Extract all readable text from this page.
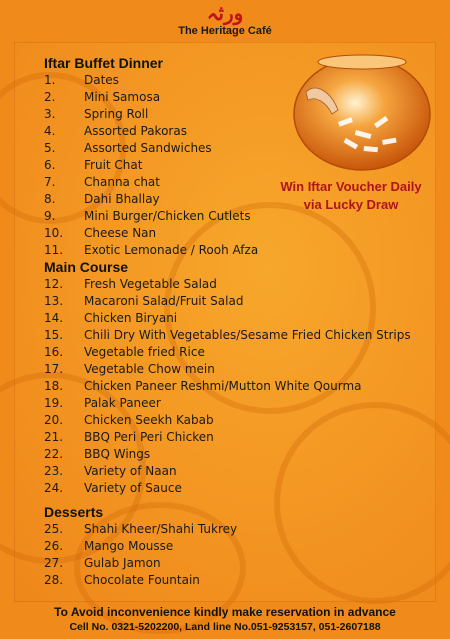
ورثہ
The Heritage Café
Win Iftar Voucher Daily
via Lucky Draw
Iftar Buffet Dinner
1.	Dates
2.	Mini Samosa
3.	Spring Roll
4.	Assorted Pakoras
5.	Assorted Sandwiches
6.	Fruit Chat
7.	Channa chat
8.	Dahi Bhallay
9.	Mini Burger/Chicken Cutlets
10.	Cheese Nan
11.	Exotic Lemonade / Rooh Afza
Main Course
12.	Fresh Vegetable Salad
13.	Macaroni Salad/Fruit Salad
14.	Chicken Biryani
15.	Chili Dry With Vegetables/Sesame Fried Chicken Strips
16.	Vegetable fried Rice
17.	Vegetable Chow mein
18.	Chicken Paneer Reshmi/Mutton White Qourma
19.	Palak Paneer
20.	Chicken Seekh Kabab
21.	BBQ Peri Peri Chicken
22.	BBQ Wings
23.	Variety of Naan
24.	Variety of Sauce
Desserts
25.	Shahi Kheer/Shahi Tukrey
26.	Mango Mousse
27.	Gulab Jamon
28.	Chocolate Fountain
To Avoid inconvenience kindly make reservation in advance
Cell No. 0321-5202200, Land line No.051-9253157, 051-2607188
